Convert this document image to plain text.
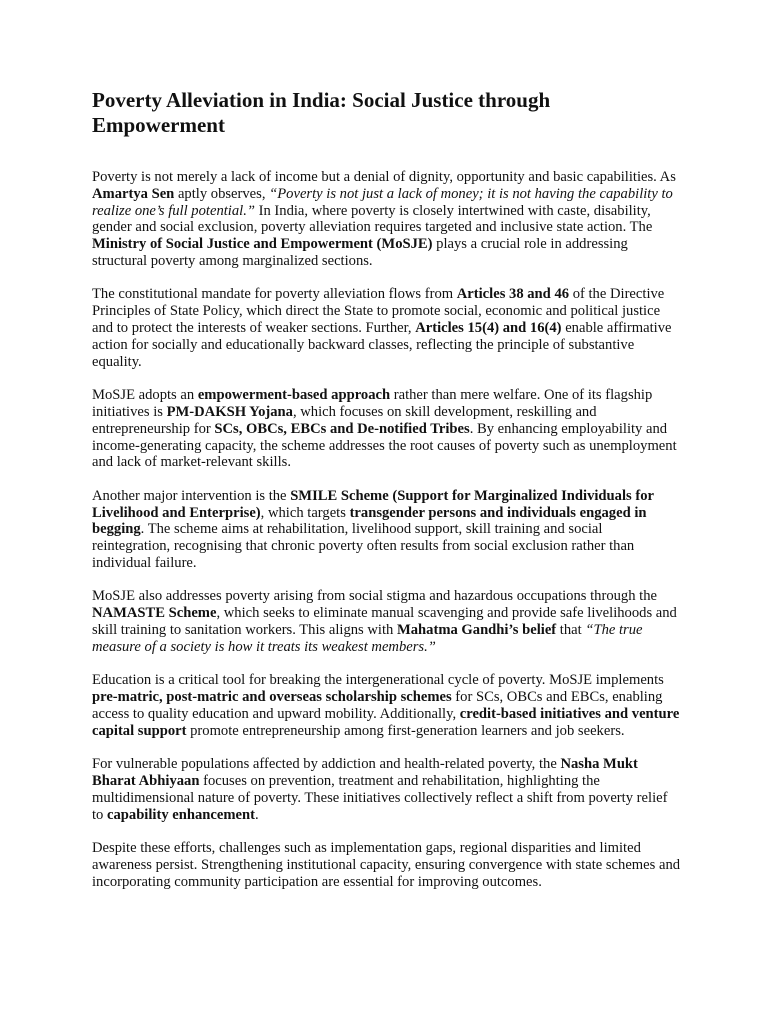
Poverty Alleviation in India: Social Justice through Empowerment

Poverty is not merely a lack of income but a denial of dignity, opportunity and basic capabilities. As Amartya Sen aptly observes, “Poverty is not just a lack of money; it is not having the capability to realize one’s full potential.” In India, where poverty is closely intertwined with caste, disability, gender and social exclusion, poverty alleviation requires targeted and inclusive state action. The Ministry of Social Justice and Empowerment (MoSJE) plays a crucial role in addressing structural poverty among marginalized sections.

The constitutional mandate for poverty alleviation flows from Articles 38 and 46 of the Directive Principles of State Policy, which direct the State to promote social, economic and political justice and to protect the interests of weaker sections. Further, Articles 15(4) and 16(4) enable affirmative action for socially and educationally backward classes, reflecting the principle of substantive equality.

MoSJE adopts an empowerment-based approach rather than mere welfare. One of its flagship initiatives is PM-DAKSH Yojana, which focuses on skill development, reskilling and entrepreneurship for SCs, OBCs, EBCs and De-notified Tribes. By enhancing employability and income-generating capacity, the scheme addresses the root causes of poverty such as unemployment and lack of market-relevant skills.

Another major intervention is the SMILE Scheme (Support for Marginalized Individuals for Livelihood and Enterprise), which targets transgender persons and individuals engaged in begging. The scheme aims at rehabilitation, livelihood support, skill training and social reintegration, recognising that chronic poverty often results from social exclusion rather than individual failure.

MoSJE also addresses poverty arising from social stigma and hazardous occupations through the NAMASTE Scheme, which seeks to eliminate manual scavenging and provide safe livelihoods and skill training to sanitation workers. This aligns with Mahatma Gandhi’s belief that “The true measure of a society is how it treats its weakest members.”

Education is a critical tool for breaking the intergenerational cycle of poverty. MoSJE implements pre-matric, post-matric and overseas scholarship schemes for SCs, OBCs and EBCs, enabling access to quality education and upward mobility. Additionally, credit-based initiatives and venture capital support promote entrepreneurship among first-generation learners and job seekers.

For vulnerable populations affected by addiction and health-related poverty, the Nasha Mukt Bharat Abhiyaan focuses on prevention, treatment and rehabilitation, highlighting the multidimensional nature of poverty. These initiatives collectively reflect a shift from poverty relief to capability enhancement.

Despite these efforts, challenges such as implementation gaps, regional disparities and limited awareness persist. Strengthening institutional capacity, ensuring convergence with state schemes and incorporating community participation are essential for improving outcomes.
